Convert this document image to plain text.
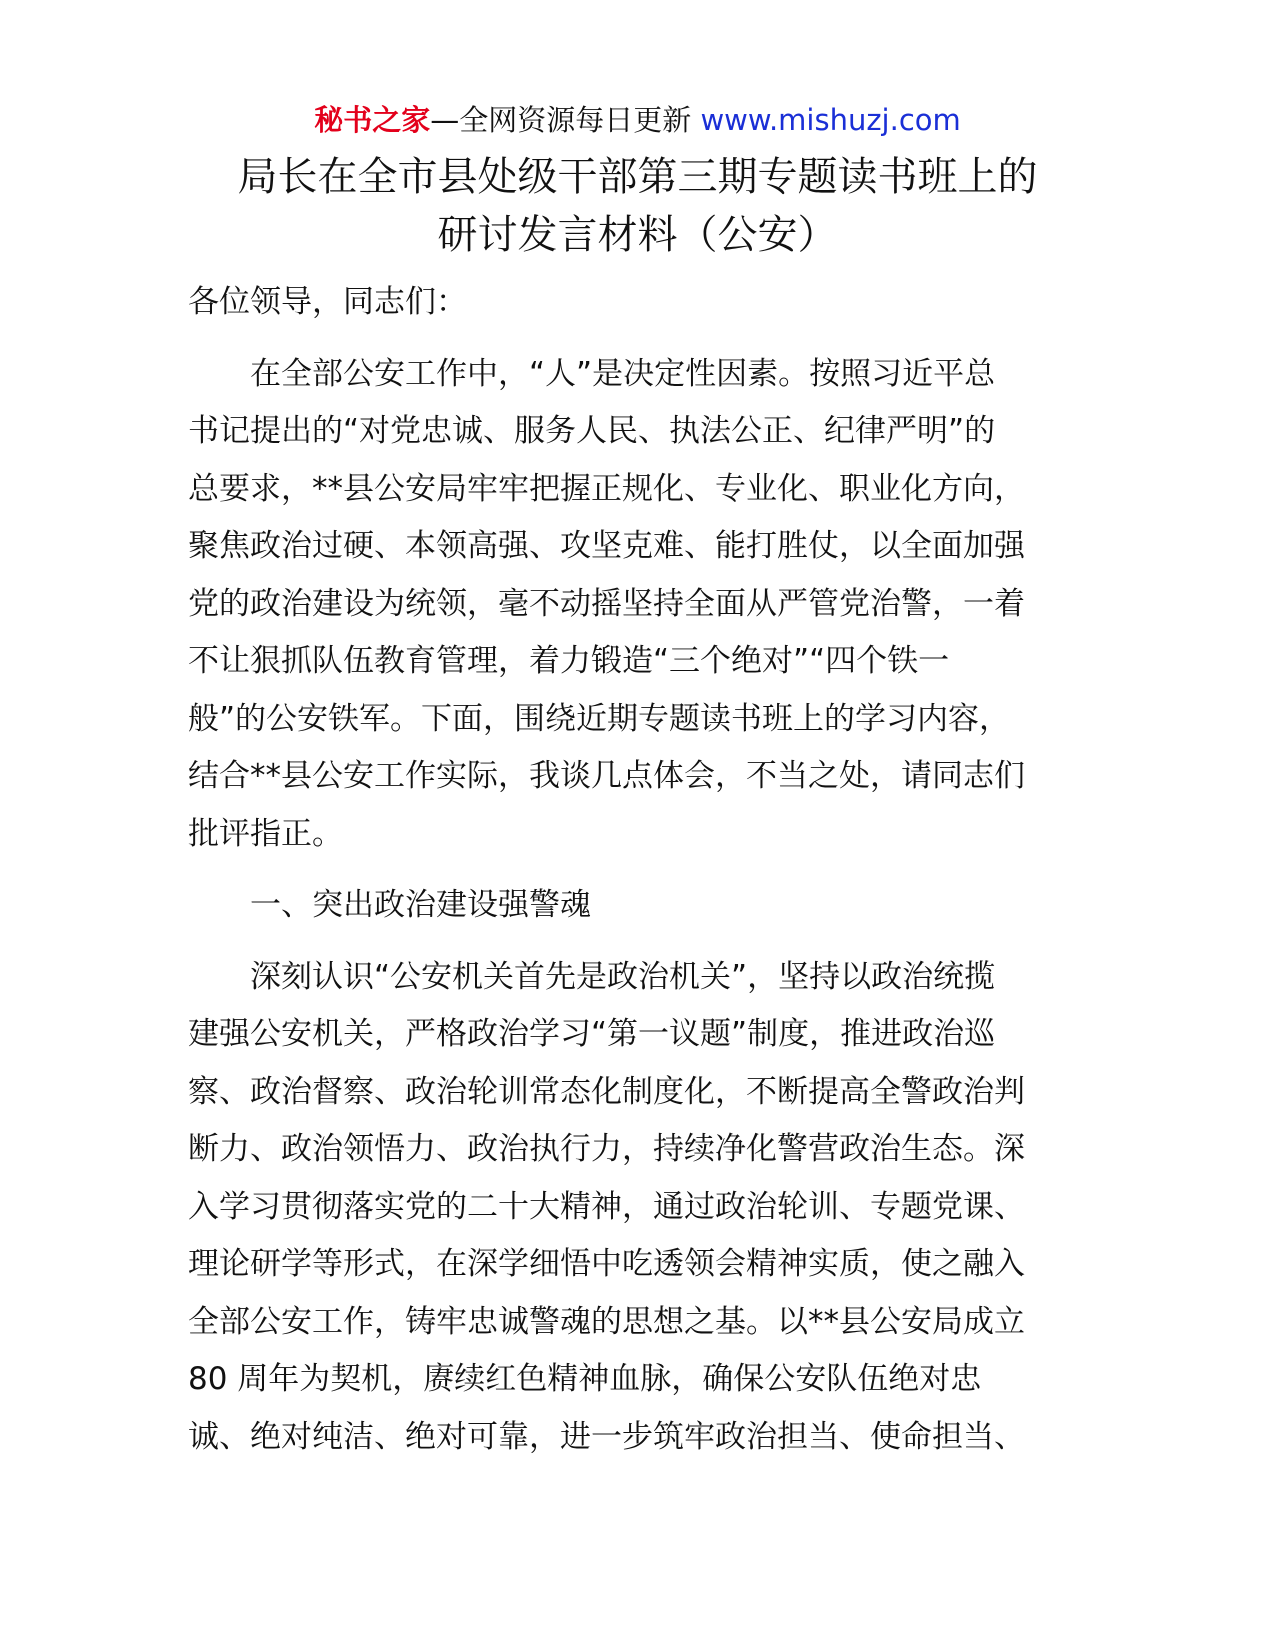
秘书之家—全网资源每日更新 www.mishuzj.com
局长在全市县处级干部第三期专题读书班上的
研讨发言材料（公安）
各位领导，同志们：
在全部公安工作中，“人”是决定性因素。按照习近平总
书记提出的“对党忠诚、服务人民、执法公正、纪律严明”的
总要求，**县公安局牢牢把握正规化、专业化、职业化方向，
聚焦政治过硬、本领高强、攻坚克难、能打胜仗，以全面加强
党的政治建设为统领，毫不动摇坚持全面从严管党治警，一着
不让狠抓队伍教育管理，着力锻造“三个绝对”“四个铁一
般”的公安铁军。下面，围绕近期专题读书班上的学习内容，
结合**县公安工作实际，我谈几点体会，不当之处，请同志们
批评指正。
一、突出政治建设强警魂
深刻认识“公安机关首先是政治机关”，坚持以政治统揽
建强公安机关，严格政治学习“第一议题”制度，推进政治巡
察、政治督察、政治轮训常态化制度化，不断提高全警政治判
断力、政治领悟力、政治执行力，持续净化警营政治生态。深
入学习贯彻落实党的二十大精神，通过政治轮训、专题党课、
理论研学等形式，在深学细悟中吃透领会精神实质，使之融入
全部公安工作，铸牢忠诚警魂的思想之基。以**县公安局成立
80 周年为契机，赓续红色精神血脉，确保公安队伍绝对忠
诚、绝对纯洁、绝对可靠，进一步筑牢政治担当、使命担当、
